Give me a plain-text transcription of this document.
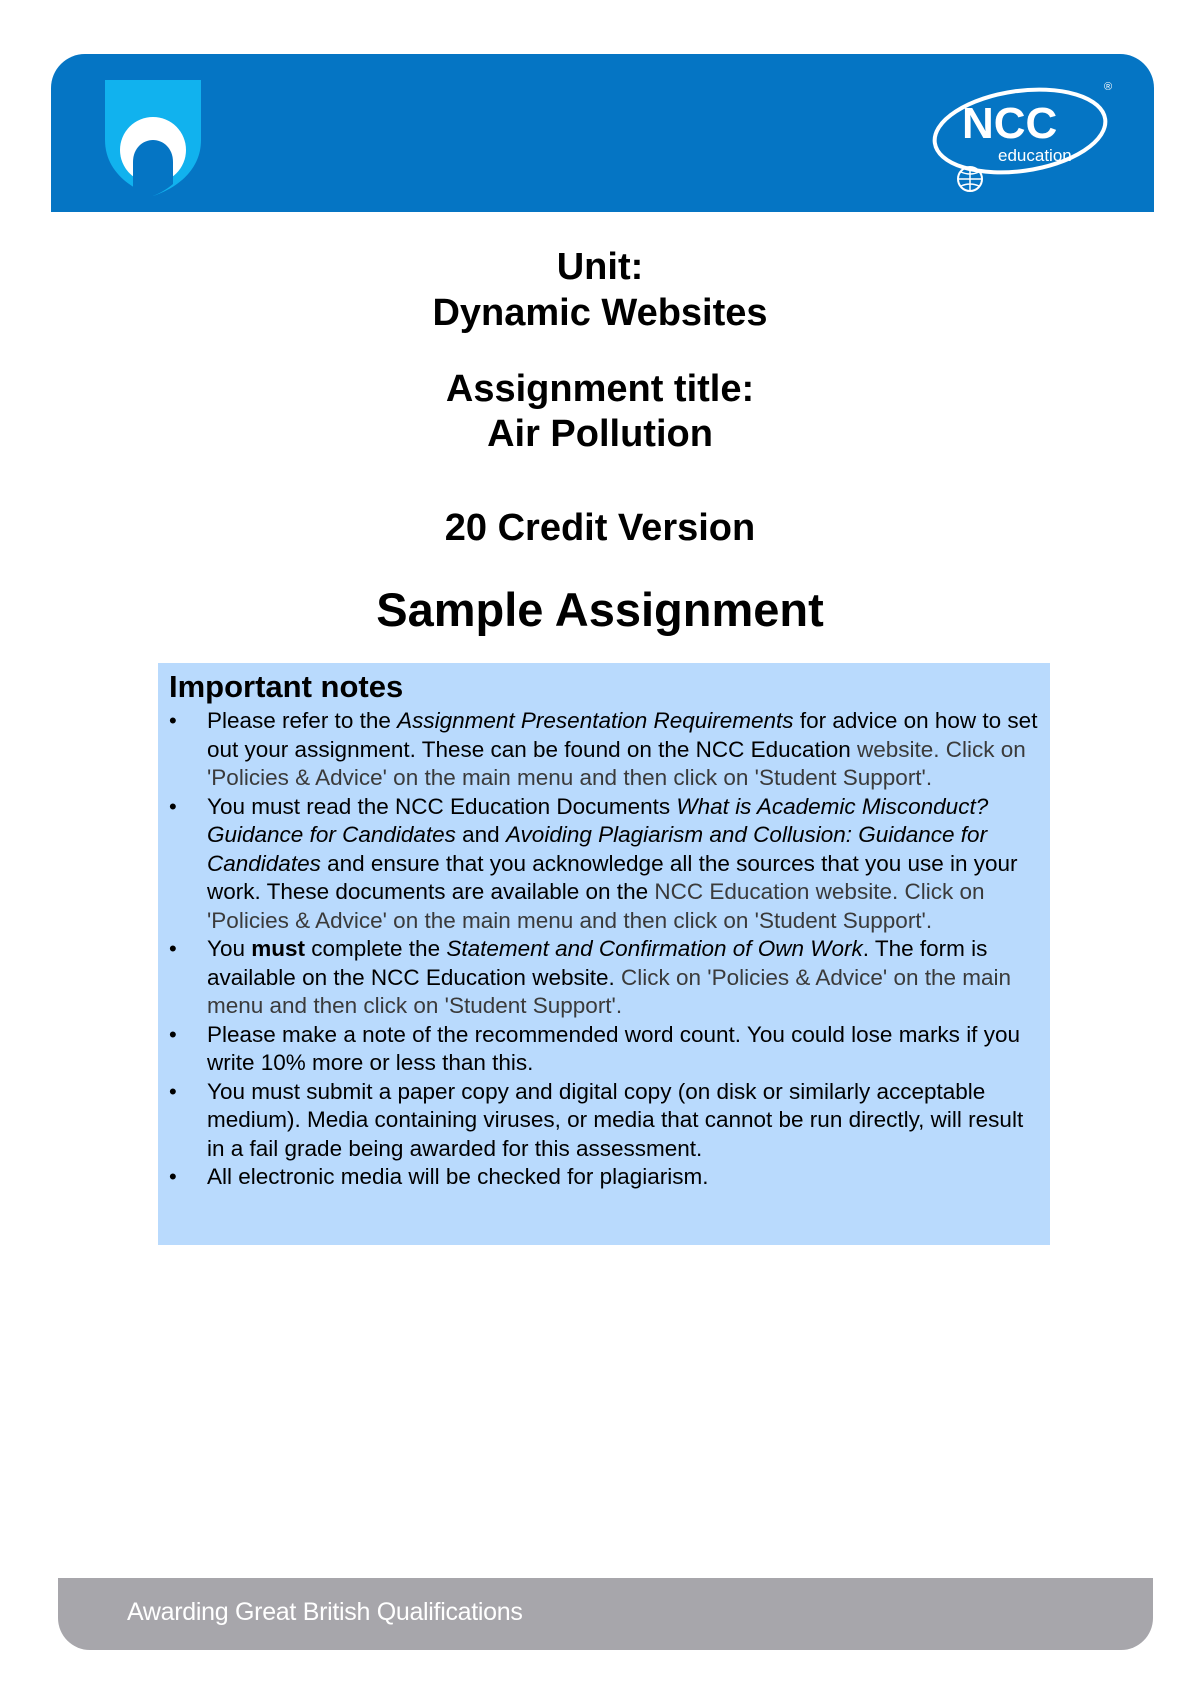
NCC
education
®
Unit:
Dynamic Websites
Assignment title:
Air Pollution
20 Credit Version
Sample Assignment
Important notes
• Please refer to the Assignment Presentation Requirements for advice on how to set out your assignment. These can be found on the NCC Education website. Click on 'Policies & Advice' on the main menu and then click on 'Student Support'.
• You must read the NCC Education Documents What is Academic Misconduct? Guidance for Candidates and Avoiding Plagiarism and Collusion: Guidance for Candidates and ensure that you acknowledge all the sources that you use in your work. These documents are available on the NCC Education website. Click on 'Policies & Advice' on the main menu and then click on 'Student Support'.
• You must complete the Statement and Confirmation of Own Work. The form is available on the NCC Education website. Click on 'Policies & Advice' on the main menu and then click on 'Student Support'.
• Please make a note of the recommended word count. You could lose marks if you write 10% more or less than this.
• You must submit a paper copy and digital copy (on disk or similarly acceptable medium). Media containing viruses, or media that cannot be run directly, will result in a fail grade being awarded for this assessment.
• All electronic media will be checked for plagiarism.
Awarding Great British Qualifications
